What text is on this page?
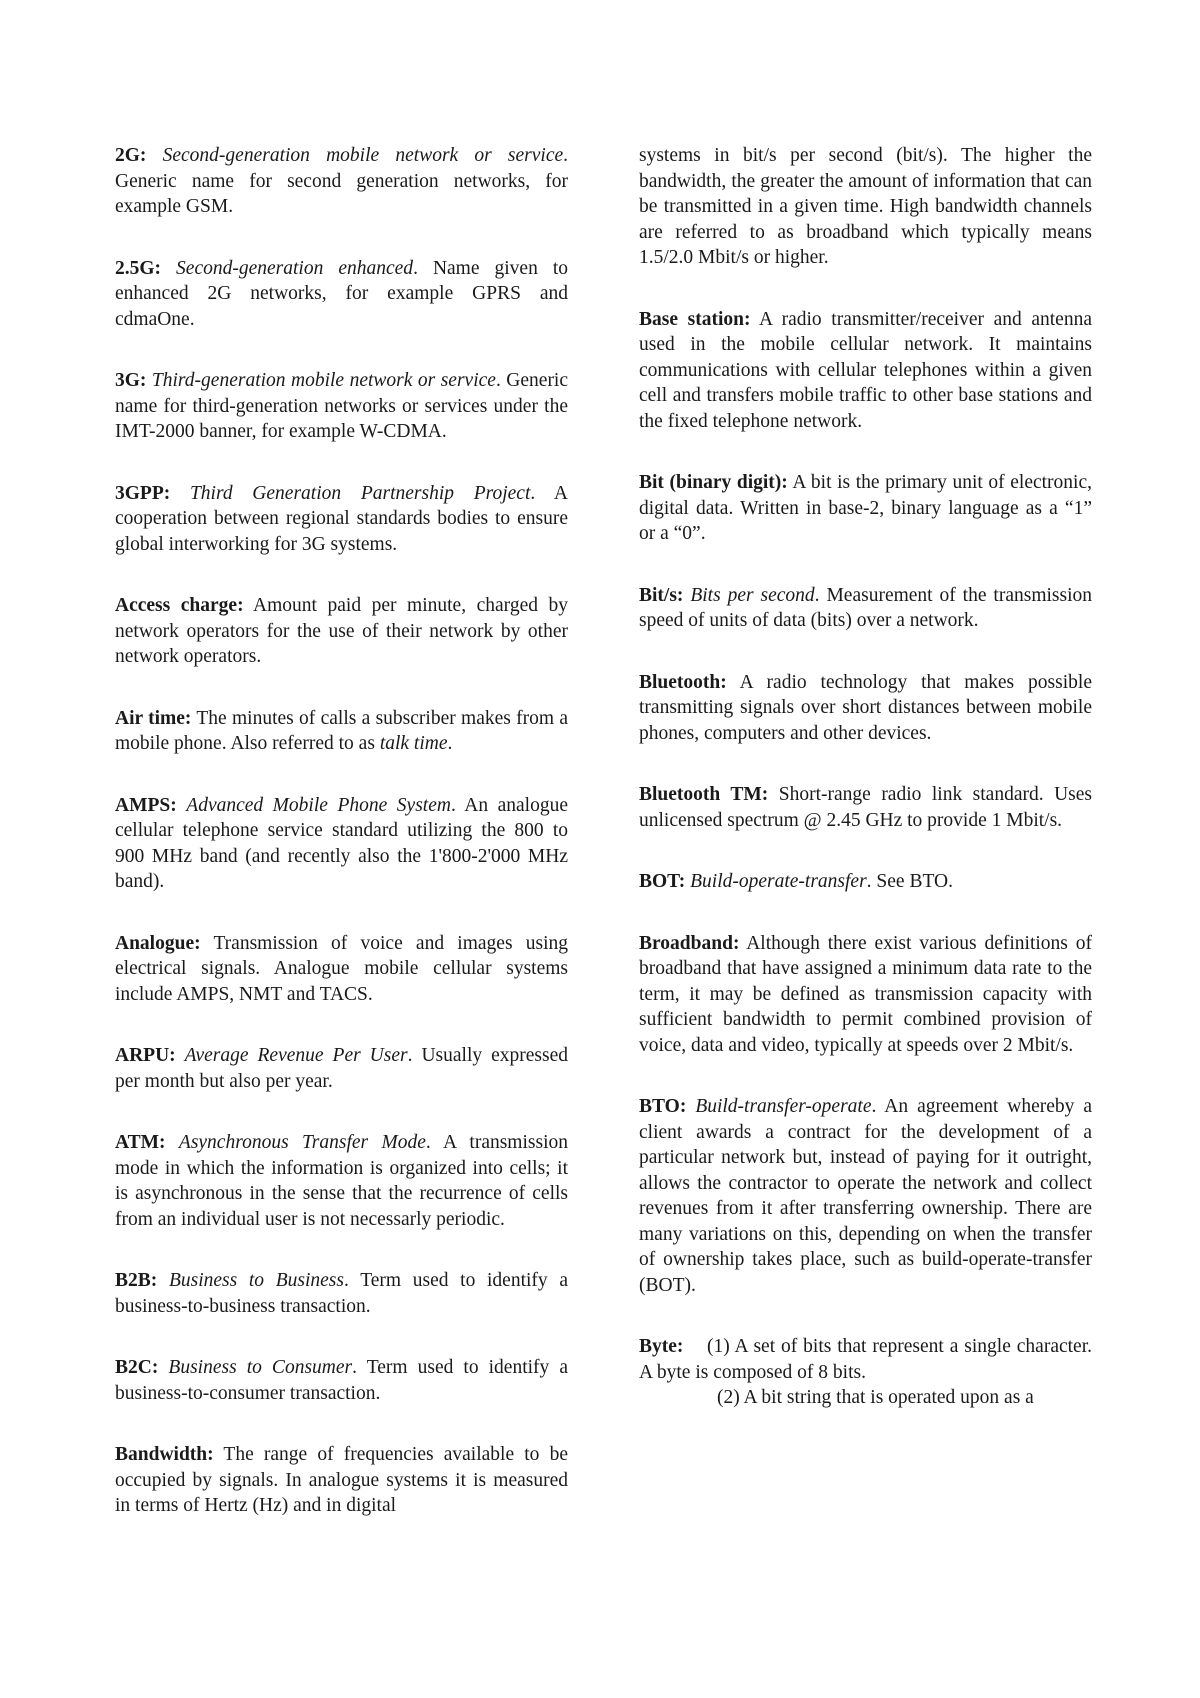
2G: Second-generation mobile network or service. Generic name for second generation networks, for example GSM.

2.5G: Second-generation enhanced. Name given to enhanced 2G networks, for example GPRS and cdmaOne.

3G: Third-generation mobile network or service. Generic name for third-generation networks or services under the IMT-2000 banner, for example W-CDMA.

3GPP: Third Generation Partnership Project. A cooperation between regional standards bodies to ensure global interworking for 3G systems.

Access charge: Amount paid per minute, charged by network operators for the use of their network by other network operators.

Air time: The minutes of calls a subscriber makes from a mobile phone. Also referred to as talk time.

AMPS: Advanced Mobile Phone System. An analogue cellular telephone service standard utilizing the 800 to 900 MHz band (and recently also the 1'800-2'000 MHz band).

Analogue: Transmission of voice and images using electrical signals. Analogue mobile cellular systems include AMPS, NMT and TACS.

ARPU: Average Revenue Per User. Usually expressed per month but also per year.

ATM: Asynchronous Transfer Mode. A transmission mode in which the information is organized into cells; it is asynchronous in the sense that the recurrence of cells from an individual user is not necessarly periodic.

B2B: Business to Business. Term used to identify a business-to-business transaction.

B2C: Business to Consumer. Term used to identify a business-to-consumer transaction.

Bandwidth: The range of frequencies available to be occupied by signals. In analogue systems it is measured in terms of Hertz (Hz) and in digital

systems in bit/s per second (bit/s). The higher the bandwidth, the greater the amount of information that can be transmitted in a given time. High bandwidth channels are referred to as broadband which typically means 1.5/2.0 Mbit/s or higher.

Base station: A radio transmitter/receiver and antenna used in the mobile cellular network. It maintains communications with cellular telephones within a given cell and transfers mobile traffic to other base stations and the fixed telephone network.

Bit (binary digit): A bit is the primary unit of electronic, digital data. Written in base-2, binary language as a “1” or a “0”.

Bit/s: Bits per second. Measurement of the transmission speed of units of data (bits) over a network.

Bluetooth: A radio technology that makes possible transmitting signals over short distances between mobile phones, computers and other devices.

Bluetooth TM: Short-range radio link standard. Uses unlicensed spectrum @ 2.45 GHz to provide 1 Mbit/s.

BOT: Build-operate-transfer. See BTO.

Broadband: Although there exist various definitions of broadband that have assigned a minimum data rate to the term, it may be defined as transmission capacity with sufficient bandwidth to permit combined provision of voice, data and video, typically at speeds over 2 Mbit/s.

BTO: Build-transfer-operate. An agreement whereby a client awards a contract for the development of a particular network but, instead of paying for it outright, allows the contractor to operate the network and collect revenues from it after transferring ownership. There are many variations on this, depending on when the transfer of ownership takes place, such as build-operate-transfer (BOT).

Byte: (1) A set of bits that represent a single character. A byte is composed of 8 bits.
(2) A bit string that is operated upon as a
